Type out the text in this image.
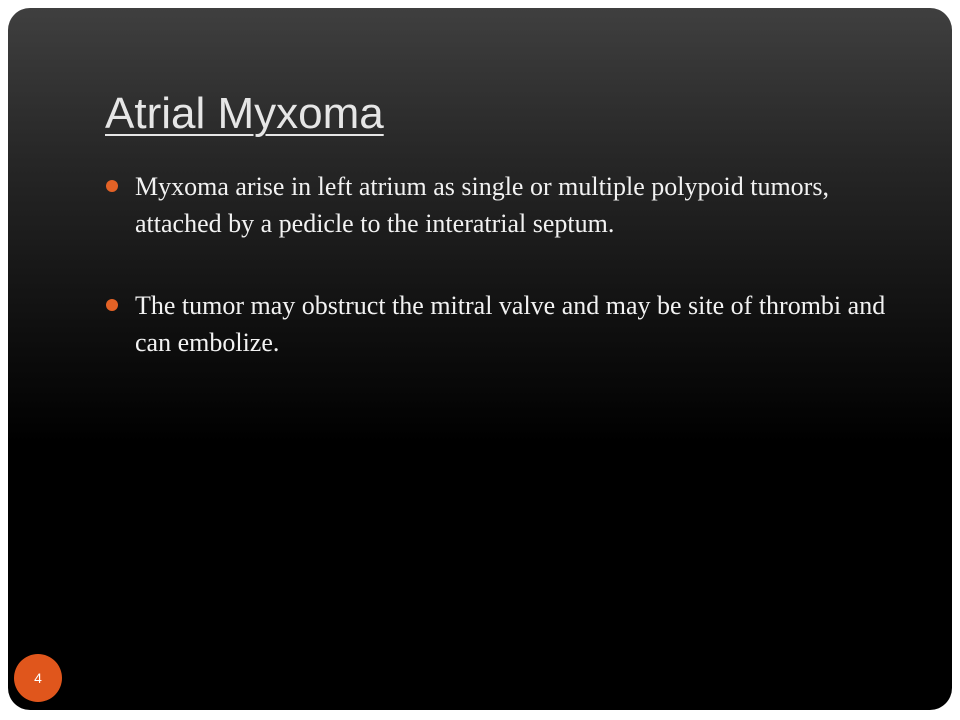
Atrial Myxoma
Myxoma arise in left atrium as single or multiple polypoid tumors, attached by a pedicle to the interatrial septum.
The tumor may obstruct the mitral valve and may be site of thrombi and can embolize.
4
